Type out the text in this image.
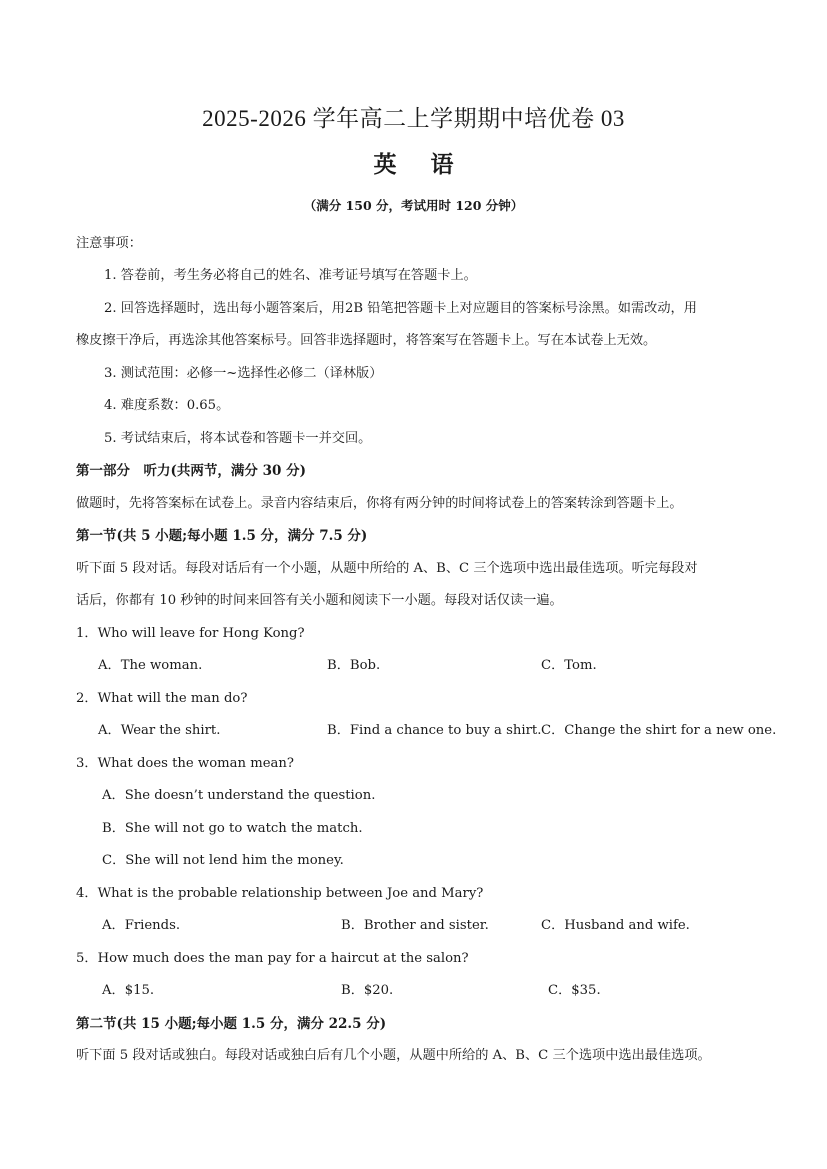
2025-2026 学年高二上学期期中培优卷 03
英 语
（满分 150 分，考试用时 120 分钟）
注意事项：
1. 答卷前，考生务必将自己的姓名、准考证号填写在答题卡上。
2. 回答选择题时，选出每小题答案后，用2B 铅笔把答题卡上对应题目的答案标号涂黑。如需改动，用
橡皮擦干净后，再选涂其他答案标号。回答非选择题时，将答案写在答题卡上。写在本试卷上无效。
3. 测试范围：必修一~选择性必修二（译林版）
4. 难度系数：0.65。
5. 考试结束后，将本试卷和答题卡一并交回。
第一部分　听力(共两节，满分 30 分)
做题时，先将答案标在试卷上。录音内容结束后，你将有两分钟的时间将试卷上的答案转涂到答题卡上。
第一节(共 5 小题;每小题 1.5 分，满分 7.5 分)
听下面 5 段对话。每段对话后有一个小题，从题中所给的 A、B、C 三个选项中选出最佳选项。听完每段对
话后，你都有 10 秒钟的时间来回答有关小题和阅读下一小题。每段对话仅读一遍。
1．Who will leave for Hong Kong?
A．The woman.	B．Bob.	C．Tom.
2．What will the man do?
A．Wear the shirt.	B．Find a chance to buy a shirt. C．Change the shirt for a new one.
3．What does the woman mean?
A．She doesn’t understand the question.
B．She will not go to watch the match.
C．She will not lend him the money.
4．What is the probable relationship between Joe and Mary?
A．Friends.	B．Brother and sister.	C．Husband and wife.
5．How much does the man pay for a haircut at the salon?
A．$15.	B．$20.	C．$35.
第二节(共 15 小题;每小题 1.5 分，满分 22.5 分)
听下面 5 段对话或独白。每段对话或独白后有几个小题，从题中所给的 A、B、C 三个选项中选出最佳选项。
